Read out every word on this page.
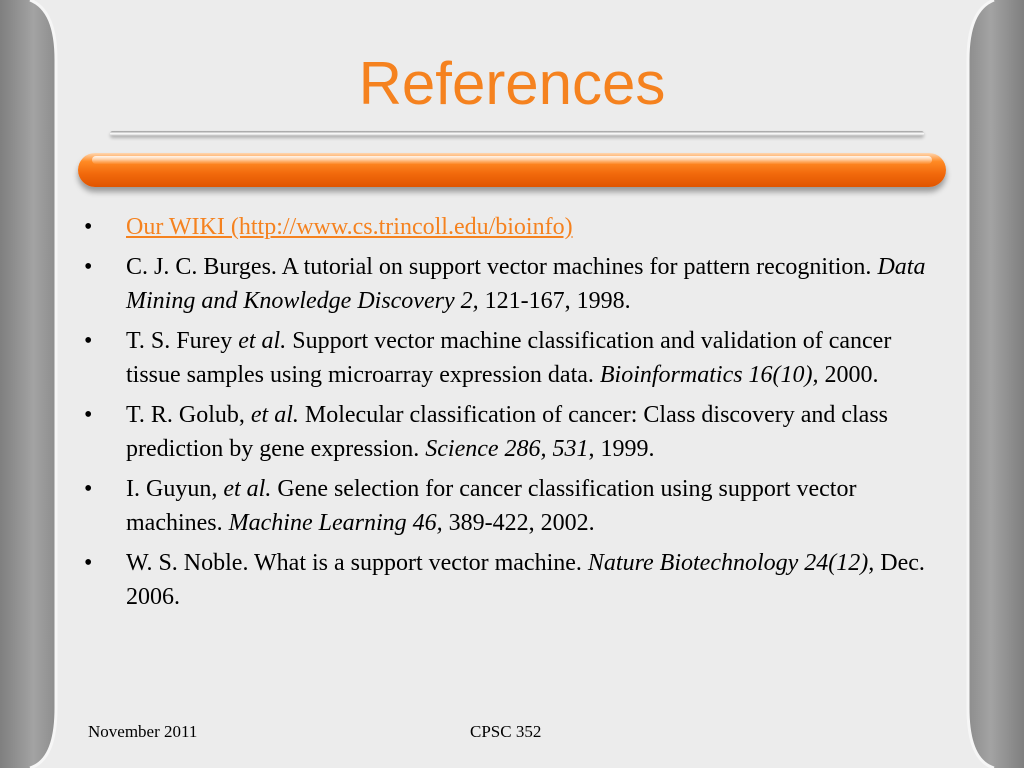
References
• Our WIKI (http://www.cs.trincoll.edu/bioinfo)
• C. J. C. Burges. A tutorial on support vector machines for pattern recognition. Data Mining and Knowledge Discovery 2, 121-167, 1998.
• T. S. Furey et al. Support vector machine classification and validation of cancer tissue samples using microarray expression data. Bioinformatics 16(10), 2000.
• T. R. Golub, et al. Molecular classification of cancer: Class discovery and class prediction by gene expression. Science 286, 531, 1999.
• I. Guyun, et al. Gene selection for cancer classification using support vector machines. Machine Learning 46, 389-422, 2002.
• W. S. Noble. What is a support vector machine. Nature Biotechnology 24(12), Dec. 2006.
November 2011	CPSC 352
